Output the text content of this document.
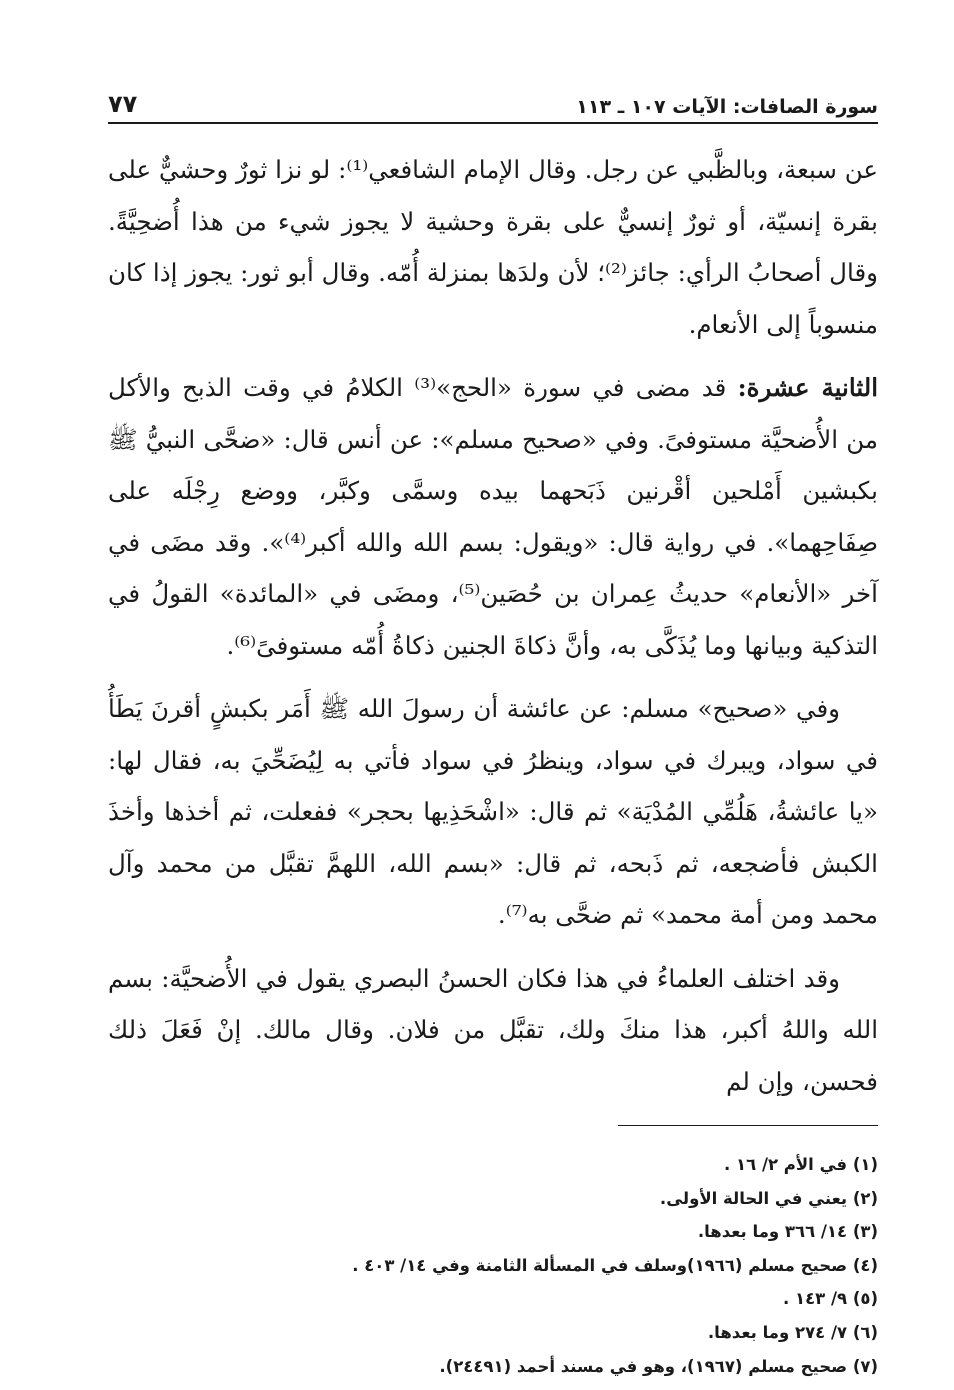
سورة الصافات: الآيات ١٠٧ ـ ١١٣
٧٧

عن سبعة، وبالظَّبي عن رجل. وقال الإمام الشافعي⁽¹⁾: لو نزا ثورٌ وحشيٌّ على بقرة إنسيّة، أو ثورٌ إنسيٌّ على بقرة وحشية لا يجوز شيء من هذا أُضحِيَّةً. وقال أصحابُ الرأي: جائز⁽²⁾؛ لأن ولدَها بمنزلة أُمّه. وقال أبو ثور: يجوز إذا كان منسوباً إلى الأنعام.

الثانية عشرة: قد مضى في سورة «الحج»⁽³⁾ الكلامُ في وقت الذبح والأكل من الأُضحيَّة مستوفىً. وفي «صحيح مسلم»: عن أنس قال: «ضحَّى النبيُّ ﷺ بكبشين أَمْلحين أقْرنين ذَبَحهما بيده وسمَّى وكبَّر، ووضع رِجْلَه على صِفَاحِهما». في رواية قال: «ويقول: بسم الله والله أكبر⁽⁴⁾». وقد مضَى في آخر «الأنعام» حديثُ عِمران بن حُصَين⁽⁵⁾، ومضَى في «المائدة» القولُ في التذكية وبيانها وما يُذَكَّى به، وأنَّ ذكاةَ الجنين ذكاةُ أُمّه مستوفىً⁽⁶⁾.

وفي «صحيح» مسلم: عن عائشة أن رسولَ الله ﷺ أَمَر بكبشٍ أقرنَ يَطَأُ في سواد، ويبرك في سواد، وينظرُ في سواد فأتي به لِيُضَحِّيَ به، فقال لها: «يا عائشةُ، هَلُمِّي المُدْيَة» ثم قال: «اشْحَذِيها بحجر» ففعلت، ثم أخذها وأخذَ الكبش فأضجعه، ثم ذَبحه، ثم قال: «بسم الله، اللهمَّ تقبَّل من محمد وآل محمد ومن أمة محمد» ثم ضحَّى به⁽⁷⁾.

وقد اختلف العلماءُ في هذا فكان الحسنُ البصري يقول في الأُضحيَّة: بسم الله واللهُ أكبر، هذا منكَ ولك، تقبَّل من فلان. وقال مالك. إنْ فَعَلَ ذلك فحسن، وإن لم

(١) في الأم ٢/ ١٦ .
(٢) يعني في الحالة الأولى.
(٣) ١٤/ ٣٦٦ وما بعدها.
(٤) صحيح مسلم (١٩٦٦)وسلف في المسألة الثامنة وفي ١٤/ ٤٠٣ .
(٥) ٩/ ١٤٣ .
(٦) ٧/ ٢٧٤ وما بعدها.
(٧) صحيح مسلم (١٩٦٧)، وهو في مسند أحمد (٢٤٤٩١).
